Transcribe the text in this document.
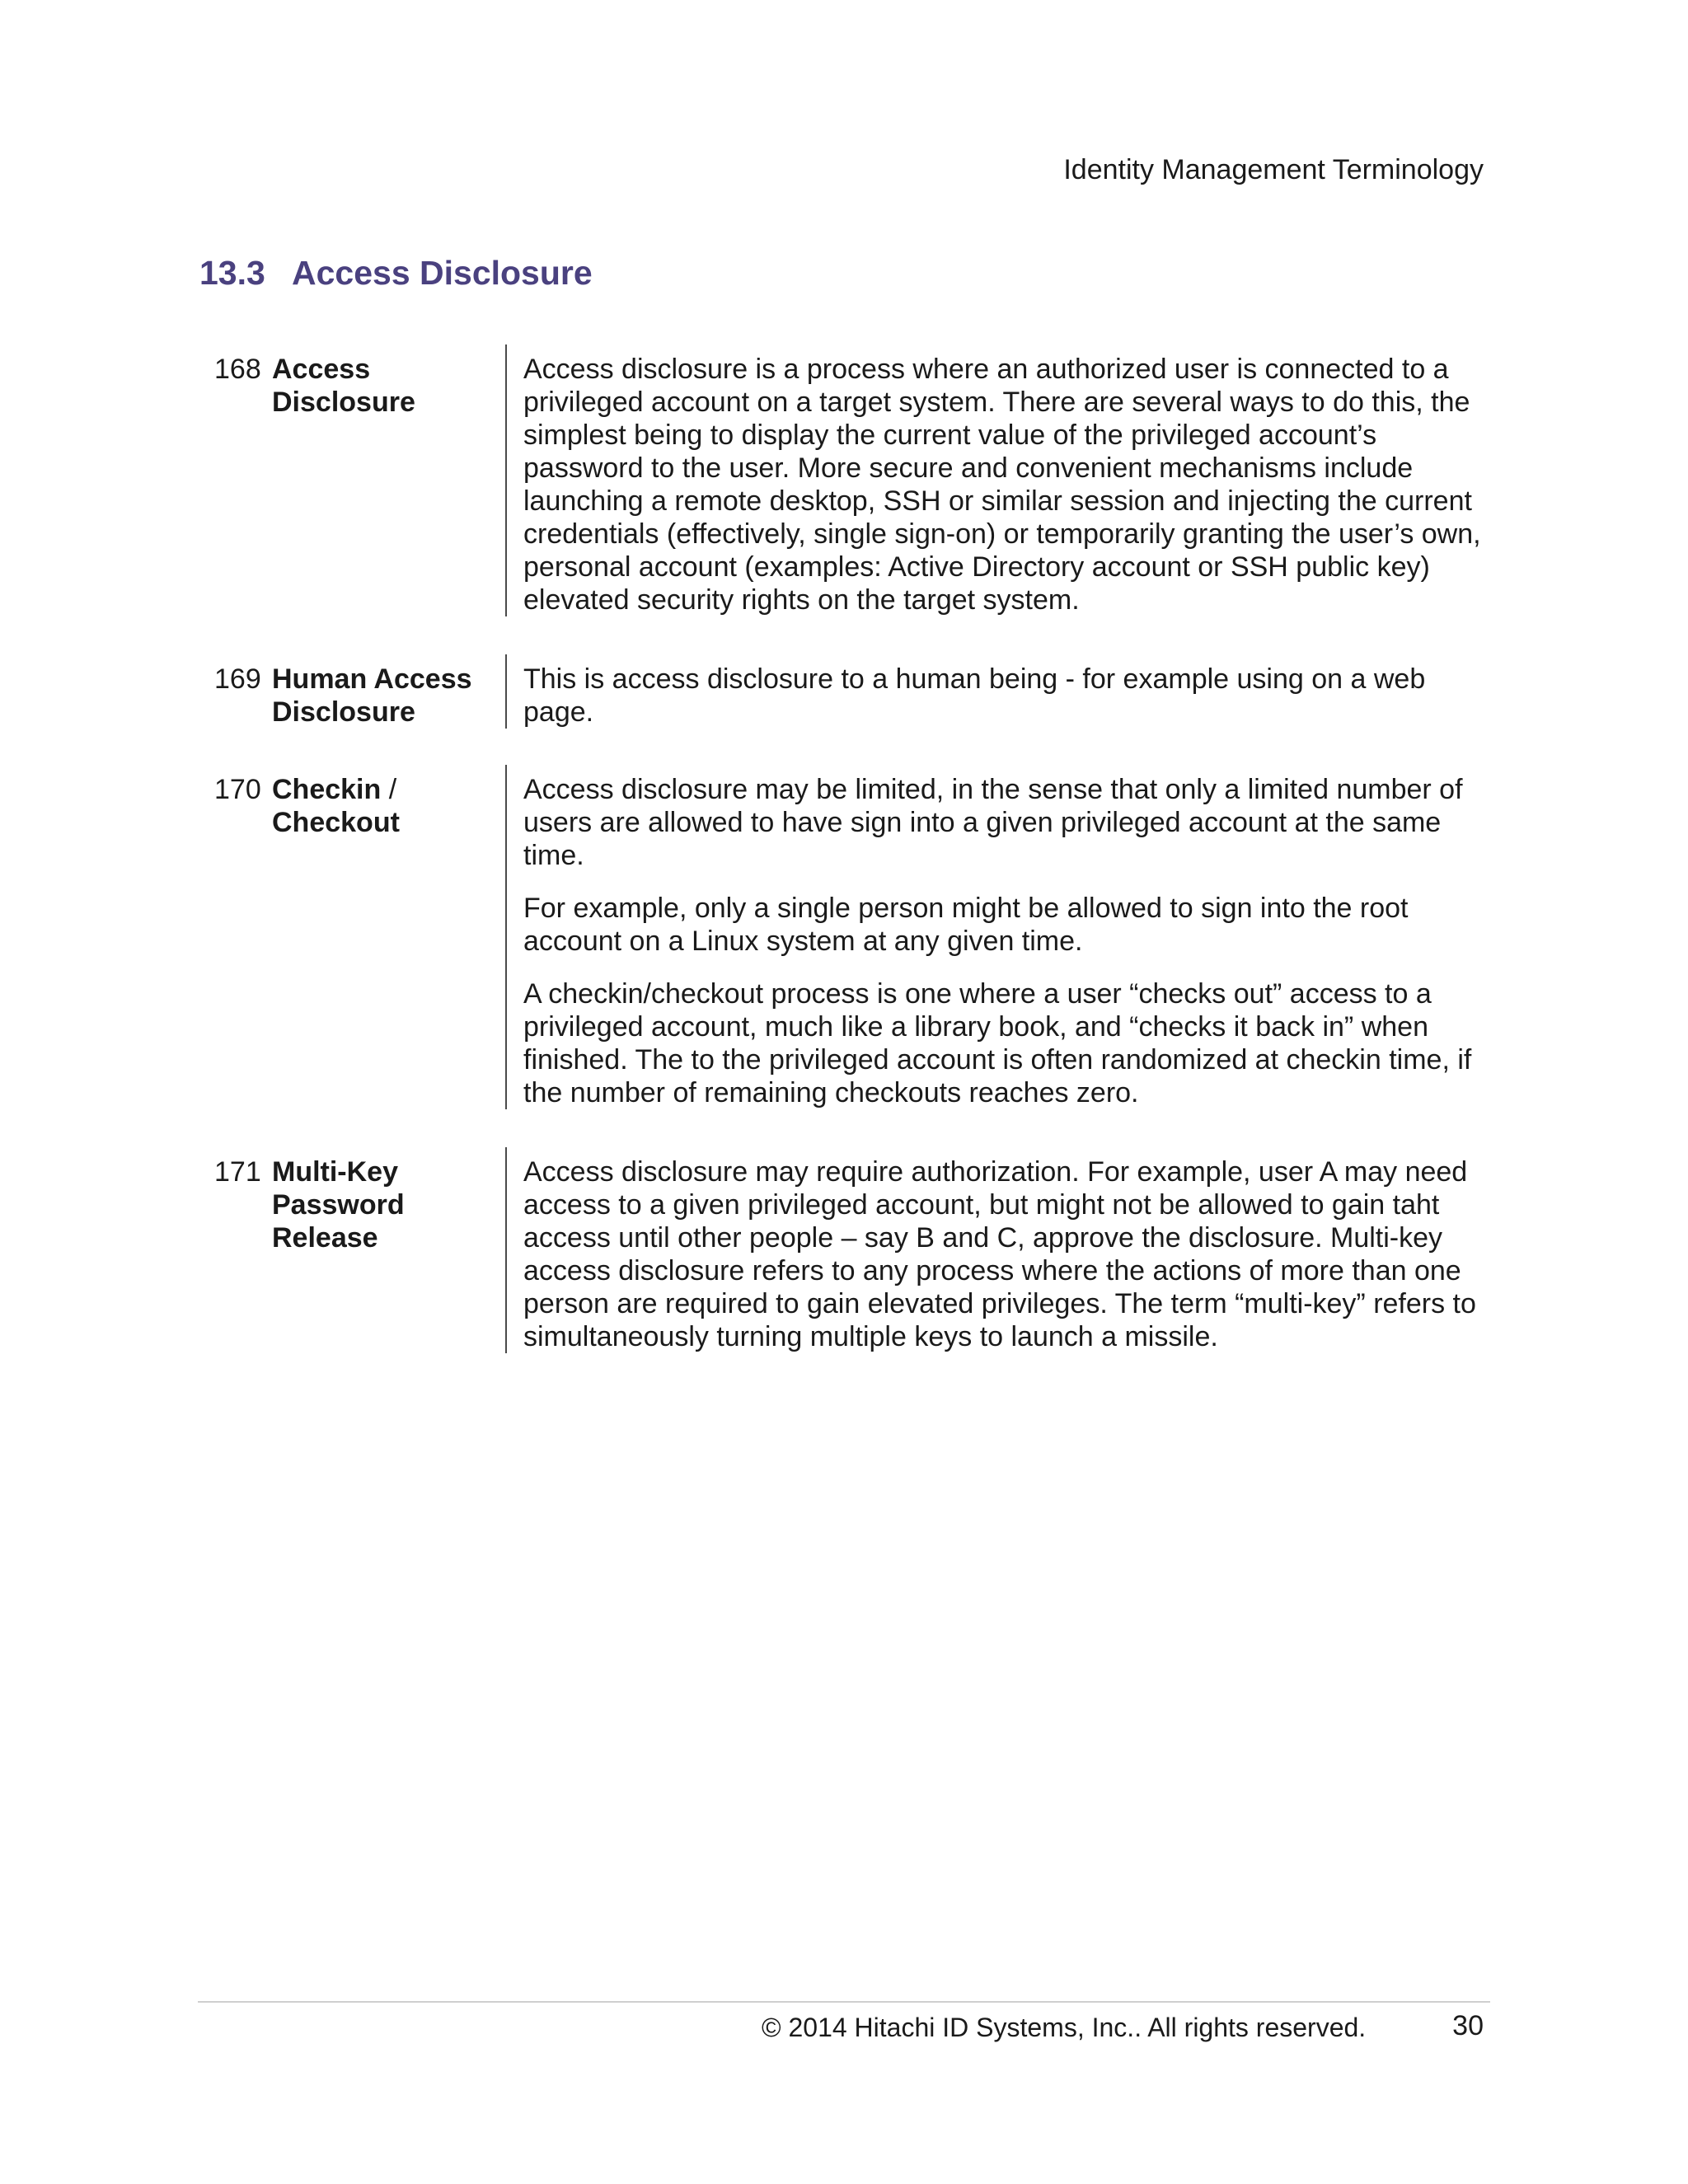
Identity Management Terminology
13.3 Access Disclosure
168 Access
Disclosure

Access disclosure is a process where an authorized user is connected to a
privileged account on a target system. There are several ways to do this, the
simplest being to display the current value of the privileged account’s
password to the user. More secure and convenient mechanisms include
launching a remote desktop, SSH or similar session and injecting the current
credentials (effectively, single sign-on) or temporarily granting the user’s own,
personal account (examples: Active Directory account or SSH public key)
elevated security rights on the target system.

169 Human Access
Disclosure

This is access disclosure to a human being - for example using on a web
page.

170 Checkin /
Checkout

Access disclosure may be limited, in the sense that only a limited number of
users are allowed to have sign into a given privileged account at the same
time.

For example, only a single person might be allowed to sign into the root
account on a Linux system at any given time.

A checkin/checkout process is one where a user “checks out” access to a
privileged account, much like a library book, and “checks it back in” when
finished. The to the privileged account is often randomized at checkin time, if
the number of remaining checkouts reaches zero.

171 Multi-Key
Password
Release

Access disclosure may require authorization. For example, user A may need
access to a given privileged account, but might not be allowed to gain taht
access until other people – say B and C, approve the disclosure. Multi-key
access disclosure refers to any process where the actions of more than one
person are required to gain elevated privileges. The term “multi-key” refers to
simultaneously turning multiple keys to launch a missile.

© 2014 Hitachi ID Systems, Inc.. All rights reserved.	30
